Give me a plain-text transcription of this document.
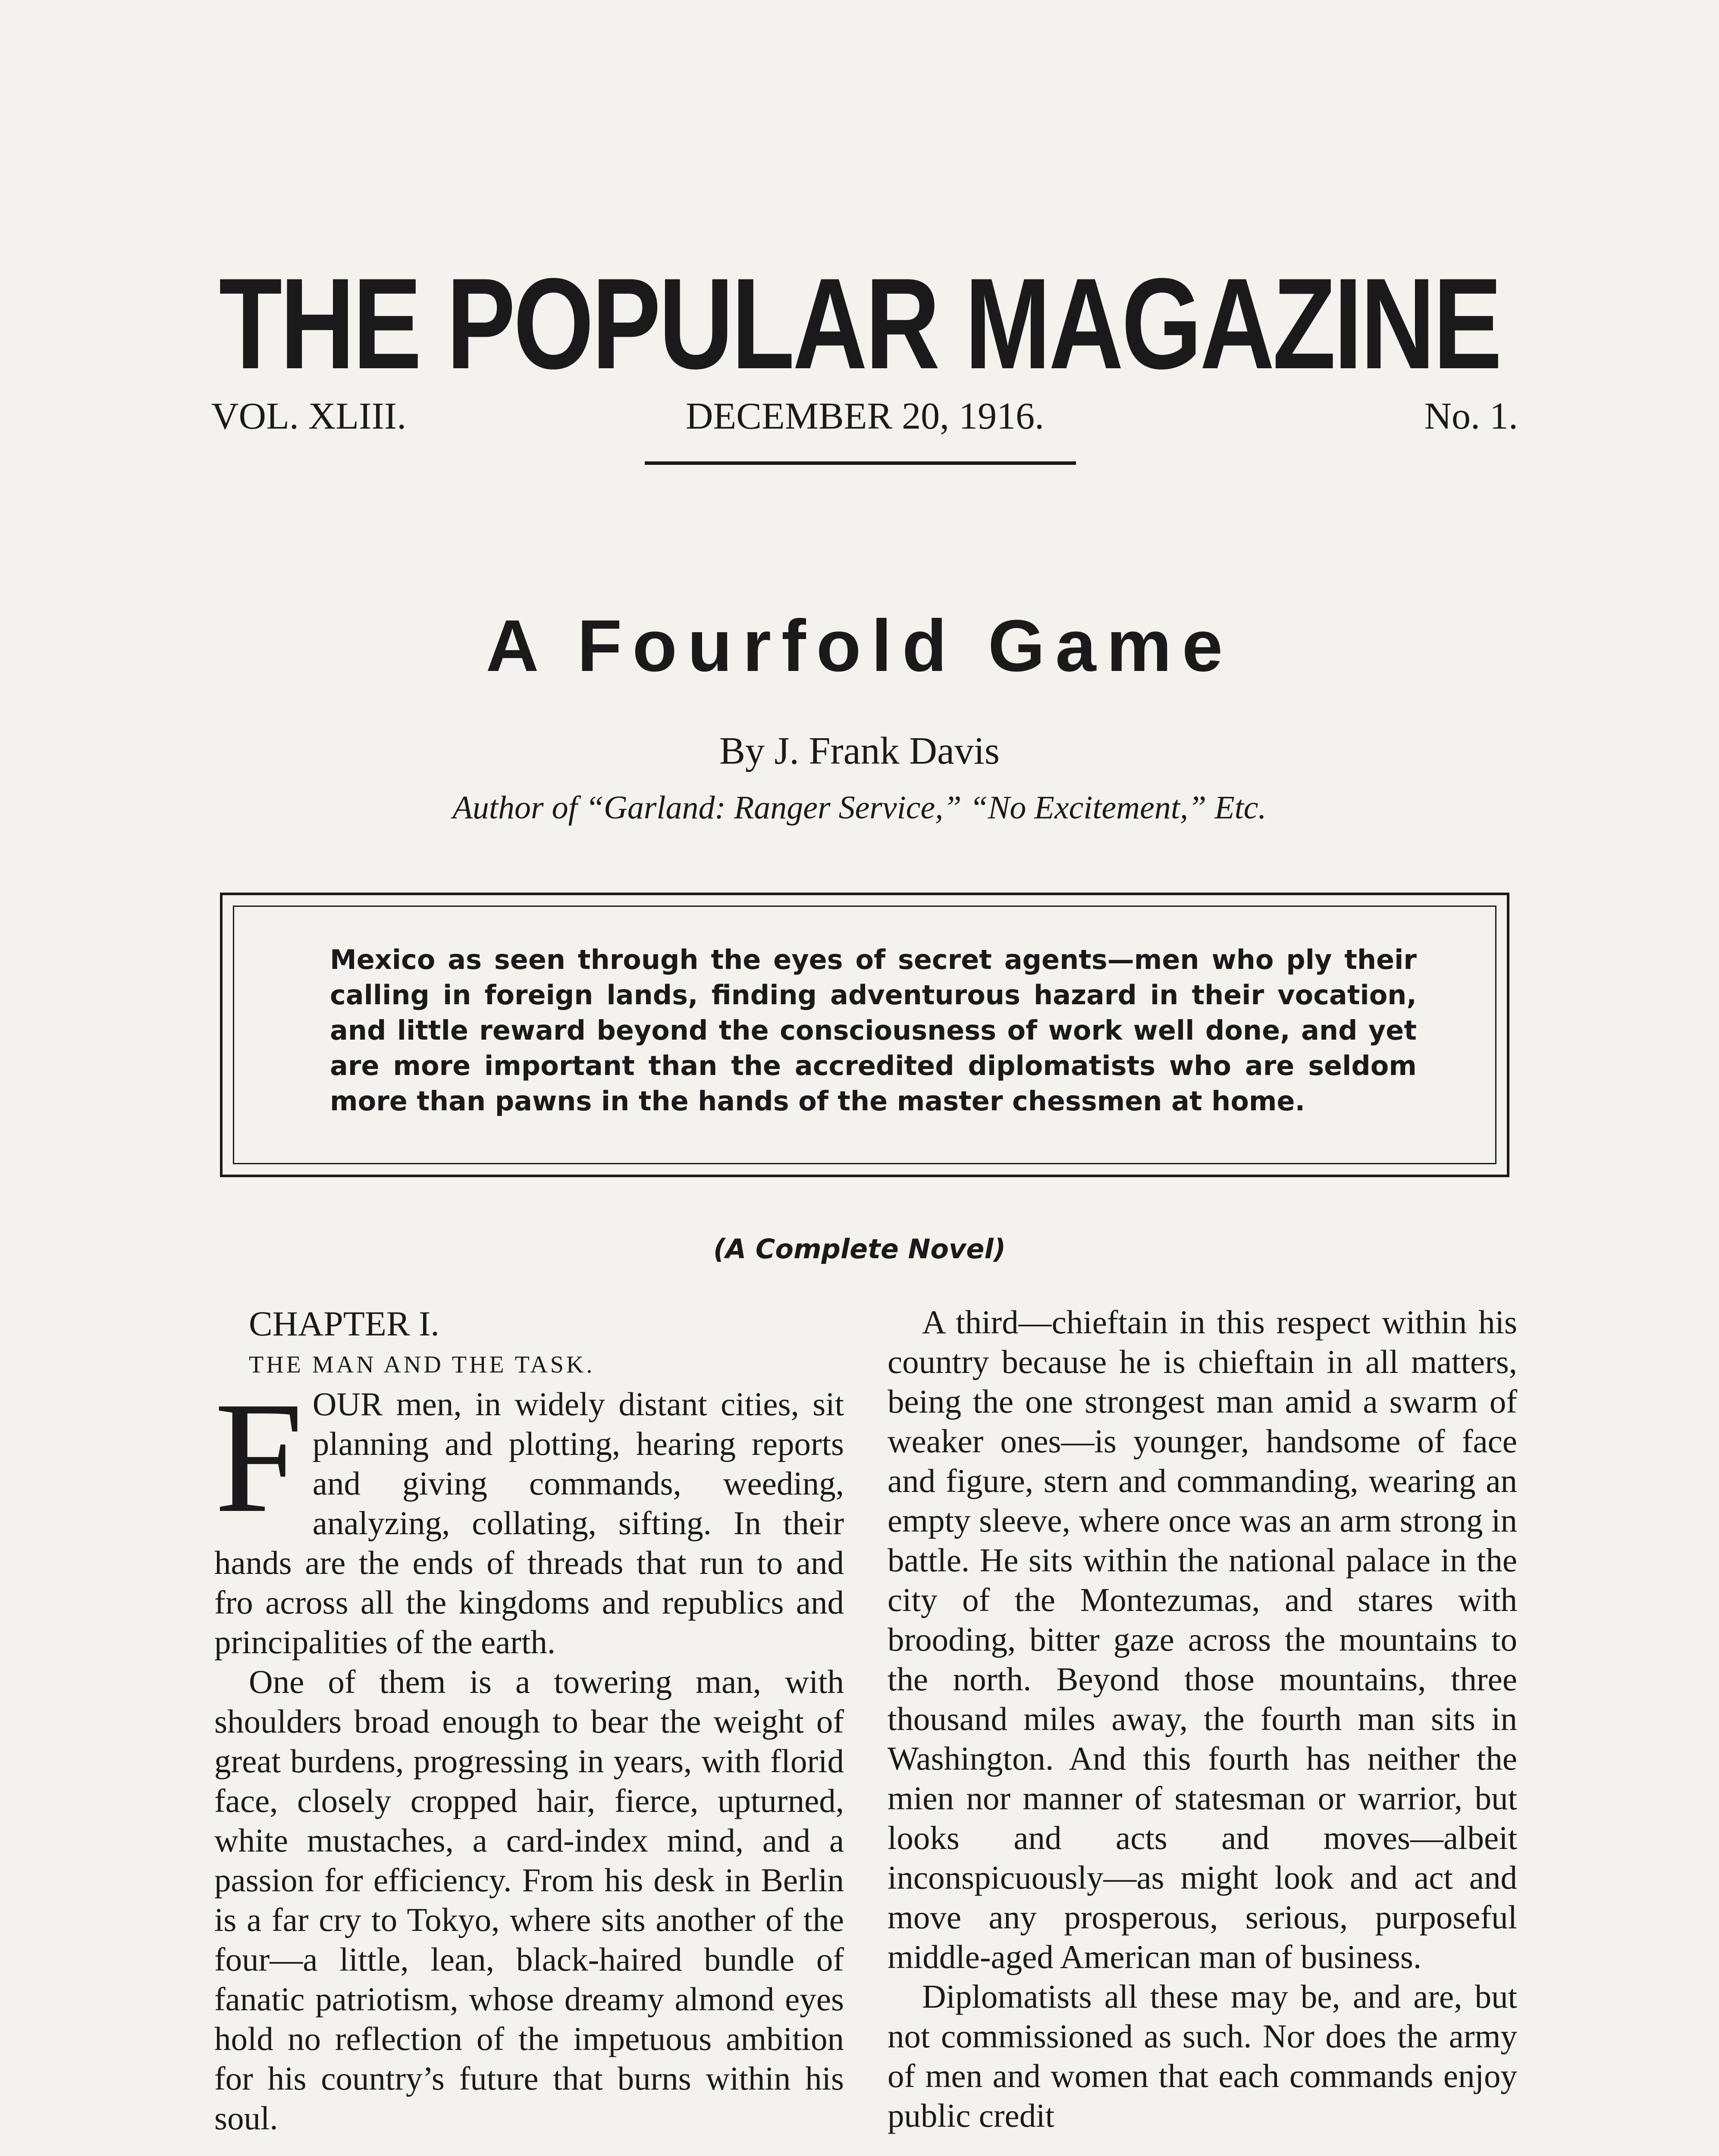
THE POPULAR MAGAZINE
VOL. XLIII.	DECEMBER 20, 1916.	No. 1.
A Fourfold Game
By J. Frank Davis
Author of “Garland: Ranger Service,” “No Excitement,” Etc.

Mexico as seen through the eyes of secret agents—men who ply their calling in foreign lands, finding adventurous hazard in their vocation, and little reward beyond the consciousness of work well done, and yet are more important than the accredited diplomatists who are seldom more than pawns in the hands of the master chessmen at home.

(A Complete Novel)

CHAPTER I.

THE MAN AND THE TASK.

FOUR men, in widely distant cities, sit planning and plotting, hearing reports and giving commands, weeding, analyzing, collating, sifting. In their hands are the ends of threads that run to and fro across all the kingdoms and republics and principalities of the earth.

One of them is a towering man, with shoulders broad enough to bear the weight of great burdens, progressing in years, with florid face, closely cropped hair, fierce, upturned, white mustaches, a card-index mind, and a passion for efficiency. From his desk in Berlin is a far cry to Tokyo, where sits another of the four—a little, lean, black-haired bundle of fanatic patriotism, whose dreamy almond eyes hold no reflection of the impetuous ambition for his country’s future that burns within his soul.

A third—chieftain in this respect within his country because he is chieftain in all matters, being the one strongest man amid a swarm of weaker ones—is younger, handsome of face and figure, stern and commanding, wearing an empty sleeve, where once was an arm strong in battle. He sits within the national palace in the city of the Montezumas, and stares with brooding, bitter gaze across the mountains to the north. Beyond those mountains, three thousand miles away, the fourth man sits in Washington. And this fourth has neither the mien nor manner of statesman or warrior, but looks and acts and moves—albeit inconspicuously—as might look and act and move any prosperous, serious, purposeful middle-aged American man of business.

Diplomatists all these may be, and are, but not commissioned as such. Nor does the army of men and women that each commands enjoy public credit
